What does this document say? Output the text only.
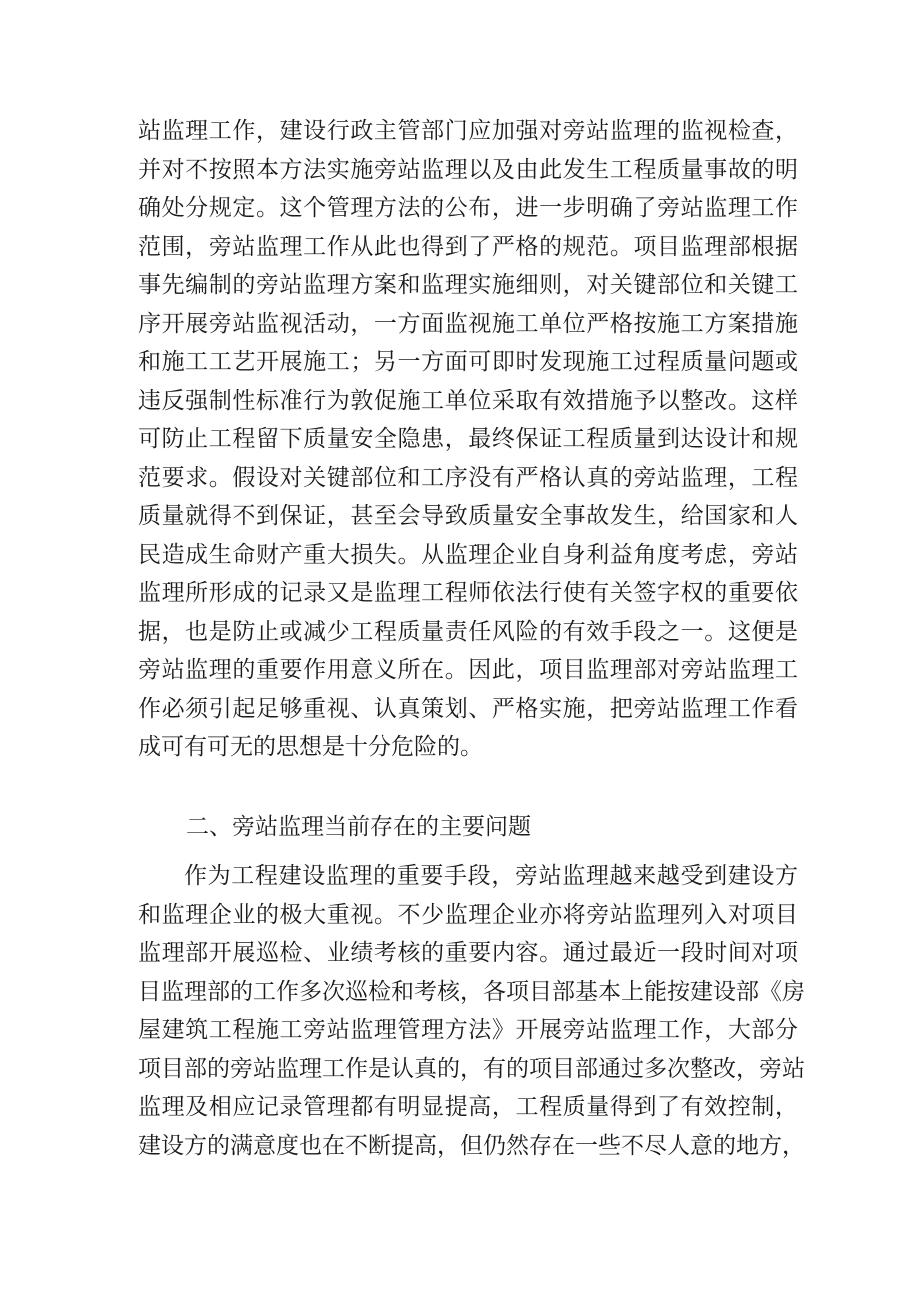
站监理工作，建设行政主管部门应加强对旁站监理的监视检查，
并对不按照本方法实施旁站监理以及由此发生工程质量事故的明
确处分规定。这个管理方法的公布，进一步明确了旁站监理工作
范围，旁站监理工作从此也得到了严格的规范。项目监理部根据
事先编制的旁站监理方案和监理实施细则，对关键部位和关键工
序开展旁站监视活动，一方面监视施工单位严格按施工方案措施
和施工工艺开展施工；另一方面可即时发现施工过程质量问题或
违反强制性标准行为敦促施工单位采取有效措施予以整改。这样
可防止工程留下质量安全隐患，最终保证工程质量到达设计和规
范要求。假设对关键部位和工序没有严格认真的旁站监理，工程
质量就得不到保证，甚至会导致质量安全事故发生，给国家和人
民造成生命财产重大损失。从监理企业自身利益角度考虑，旁站
监理所形成的记录又是监理工程师依法行使有关签字权的重要依
据，也是防止或减少工程质量责任风险的有效手段之一。这便是
旁站监理的重要作用意义所在。因此，项目监理部对旁站监理工
作必须引起足够重视、认真策划、严格实施，把旁站监理工作看
成可有可无的思想是十分危险的。
二、旁站监理当前存在的主要问题
作为工程建设监理的重要手段，旁站监理越来越受到建设方
和监理企业的极大重视。不少监理企业亦将旁站监理列入对项目
监理部开展巡检、业绩考核的重要内容。通过最近一段时间对项
目监理部的工作多次巡检和考核，各项目部基本上能按建设部《房
屋建筑工程施工旁站监理管理方法》开展旁站监理工作，大部分
项目部的旁站监理工作是认真的，有的项目部通过多次整改，旁站
监理及相应记录管理都有明显提高，工程质量得到了有效控制，
建设方的满意度也在不断提高，但仍然存在一些不尽人意的地方，
